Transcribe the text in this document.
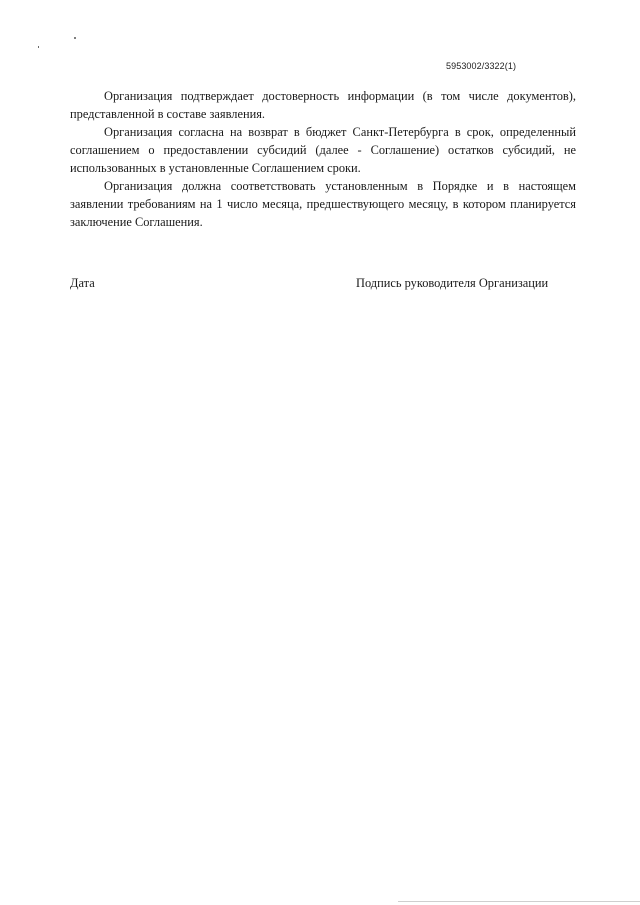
5953002/3322(1)

Организация подтверждает достоверность информации (в том числе документов), представленной в составе заявления.

Организация согласна на возврат в бюджет Санкт-Петербурга в срок, определенный соглашением о предоставлении субсидий (далее - Соглашение) остатков субсидий, не использованных в установленные Соглашением сроки.

Организация должна соответствовать установленным в Порядке и в настоящем заявлении требованиям на 1 число месяца, предшествующего месяцу, в котором планируется заключение Соглашения.

Дата	Подпись руководителя Организации
